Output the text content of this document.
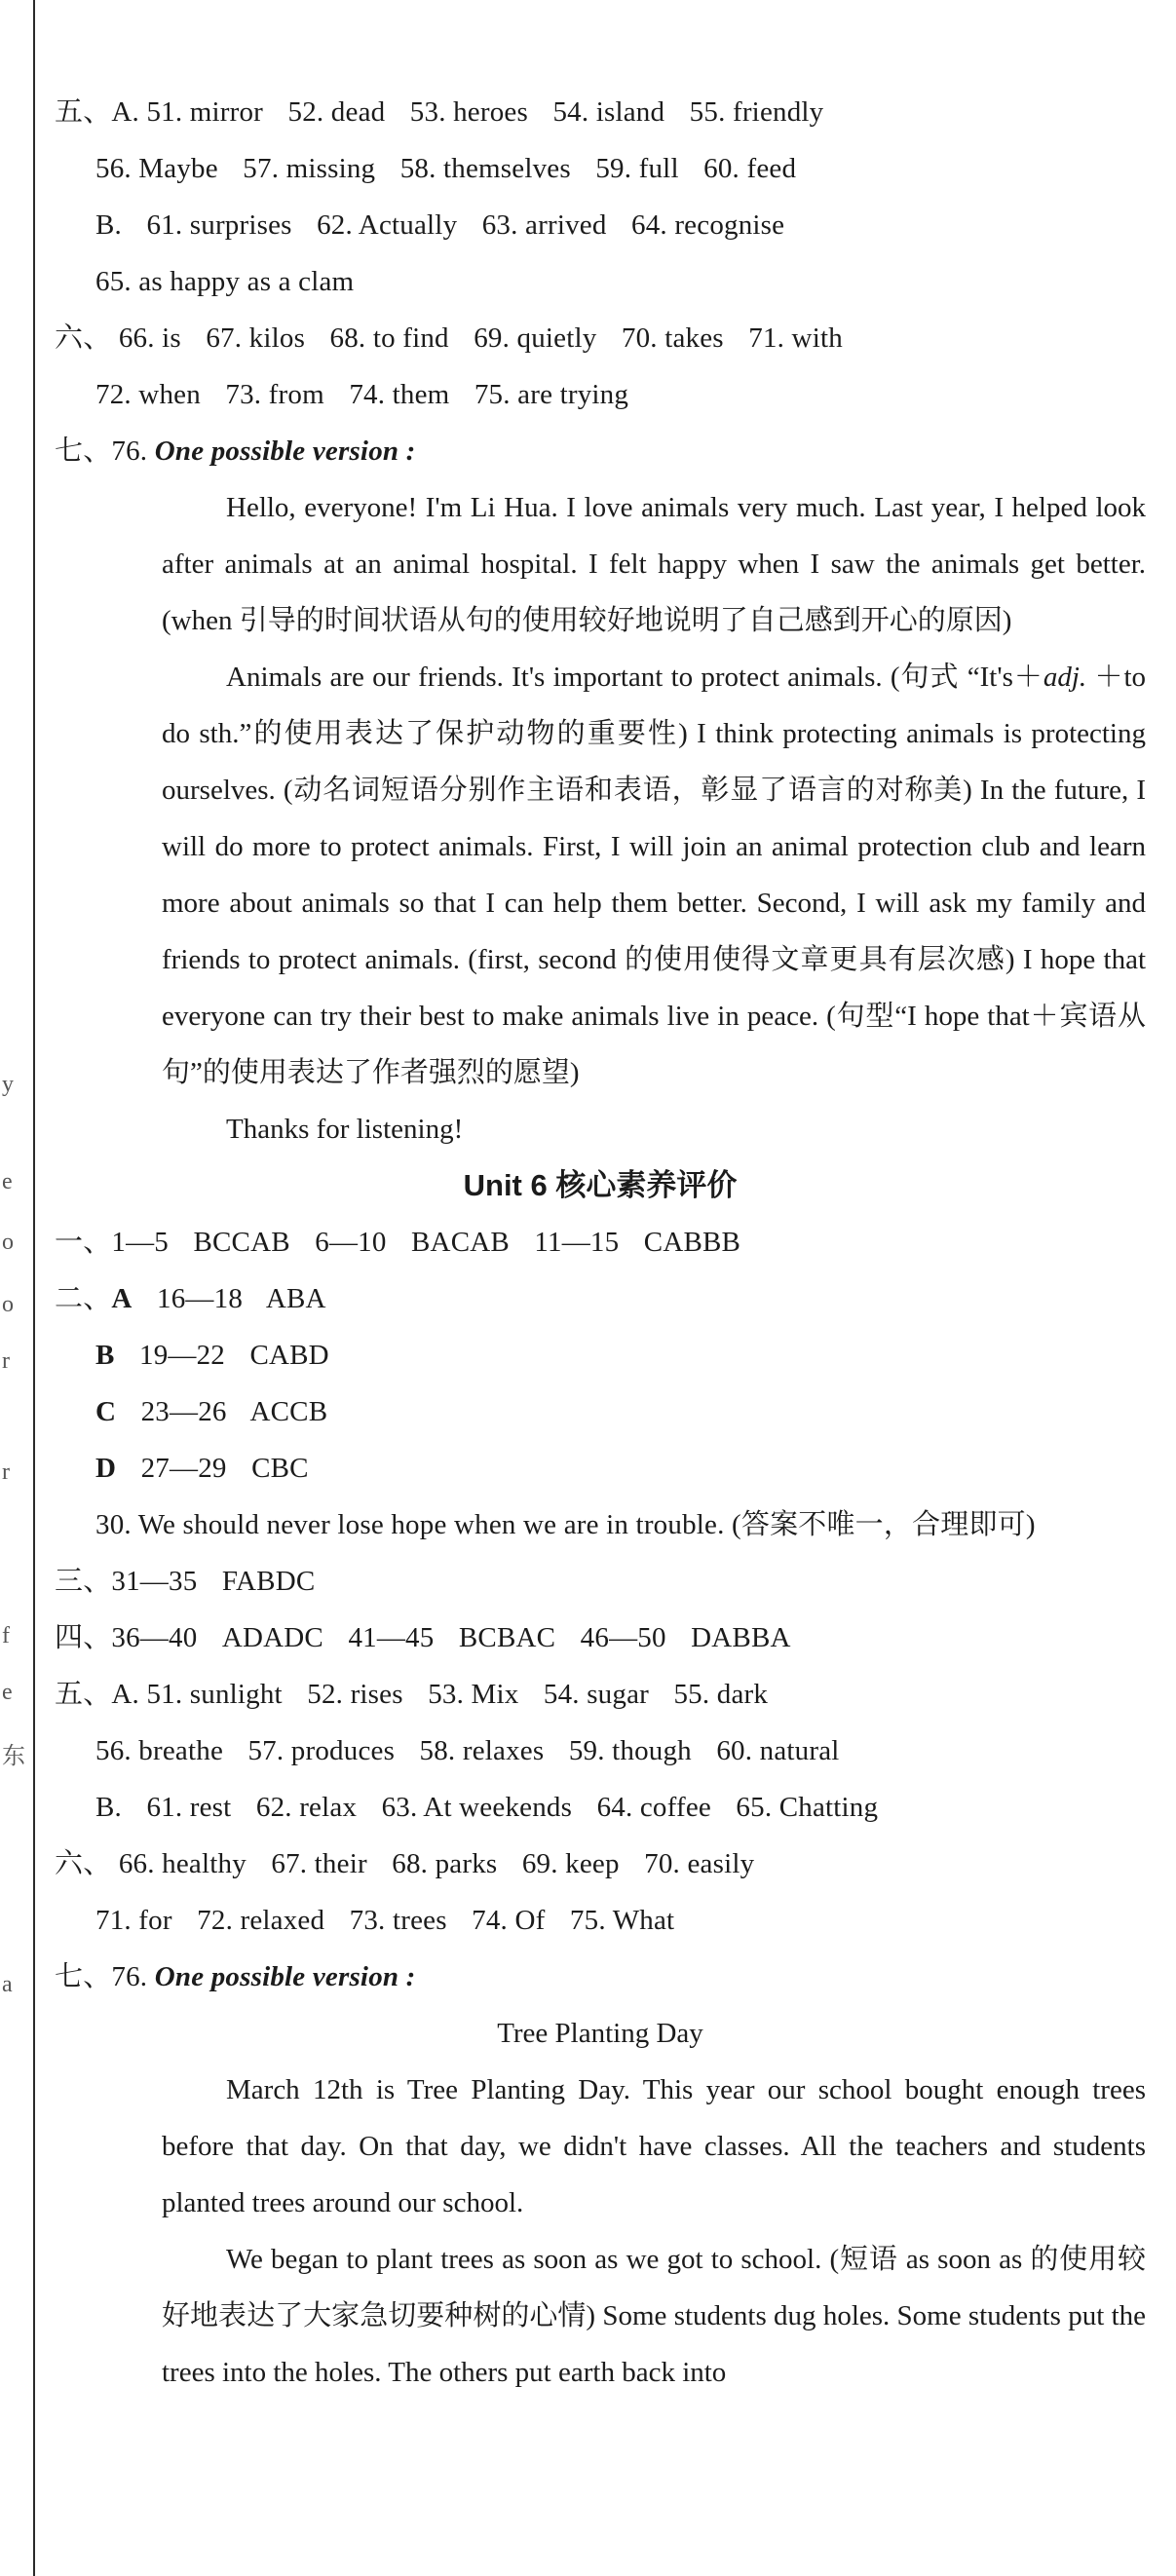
y
e
o
o
r
r
f
e
东
a
五、A. 51. mirror 52. dead 53. heroes 54. island 55. friendly
56. Maybe 57. missing 58. themselves 59. full 60. feed
B. 61. surprises 62. Actually 63. arrived 64. recognise
65. as happy as a clam
六、 66. is 67. kilos 68. to find 69. quietly 70. takes 71. with
72. when 73. from 74. them 75. are trying
七、76. One possible version :

Hello, everyone! I'm Li Hua. I love animals very much. Last year, I helped look after animals at an animal hospital. I felt happy when I saw the animals get better. (when 引导的时间状语从句的使用较好地说明了自己感到开心的原因)

Animals are our friends. It's important to protect animals. (句式 “It's＋adj. ＋to do sth.”的使用表达了保护动物的重要性) I think protecting animals is protecting ourselves. (动名词短语分别作主语和表语，彰显了语言的对称美) In the future, I will do more to protect animals. First, I will join an animal protection club and learn more about animals so that I can help them better. Second, I will ask my family and friends to protect animals. (first, second 的使用使得文章更具有层次感) I hope that everyone can try their best to make animals live in peace. (句型“I hope that＋宾语从句”的使用表达了作者强烈的愿望)

Thanks for listening!

Unit 6 核心素养评价
一、1—5 BCCAB 6—10 BACAB 11—15 CABBB
二、A 16—18 ABA
B 19—22 CABD
C 23—26 ACCB
D 27—29 CBC
30. We should never lose hope when we are in trouble. (答案不唯一，合理即可)
三、31—35 FABDC
四、36—40 ADADC 41—45 BCBAC 46—50 DABBA
五、A. 51. sunlight 52. rises 53. Mix 54. sugar 55. dark
56. breathe 57. produces 58. relaxes 59. though 60. natural
B. 61. rest 62. relax 63. At weekends 64. coffee 65. Chatting
六、 66. healthy 67. their 68. parks 69. keep 70. easily
71. for 72. relaxed 73. trees 74. Of 75. What
七、76. One possible version :
Tree Planting Day

March 12th is Tree Planting Day. This year our school bought enough trees before that day. On that day, we didn't have classes. All the teachers and students planted trees around our school.

We began to plant trees as soon as we got to school. (短语 as soon as 的使用较好地表达了大家急切要种树的心情) Some students dug holes. Some students put the trees into the holes. The others put earth back into
